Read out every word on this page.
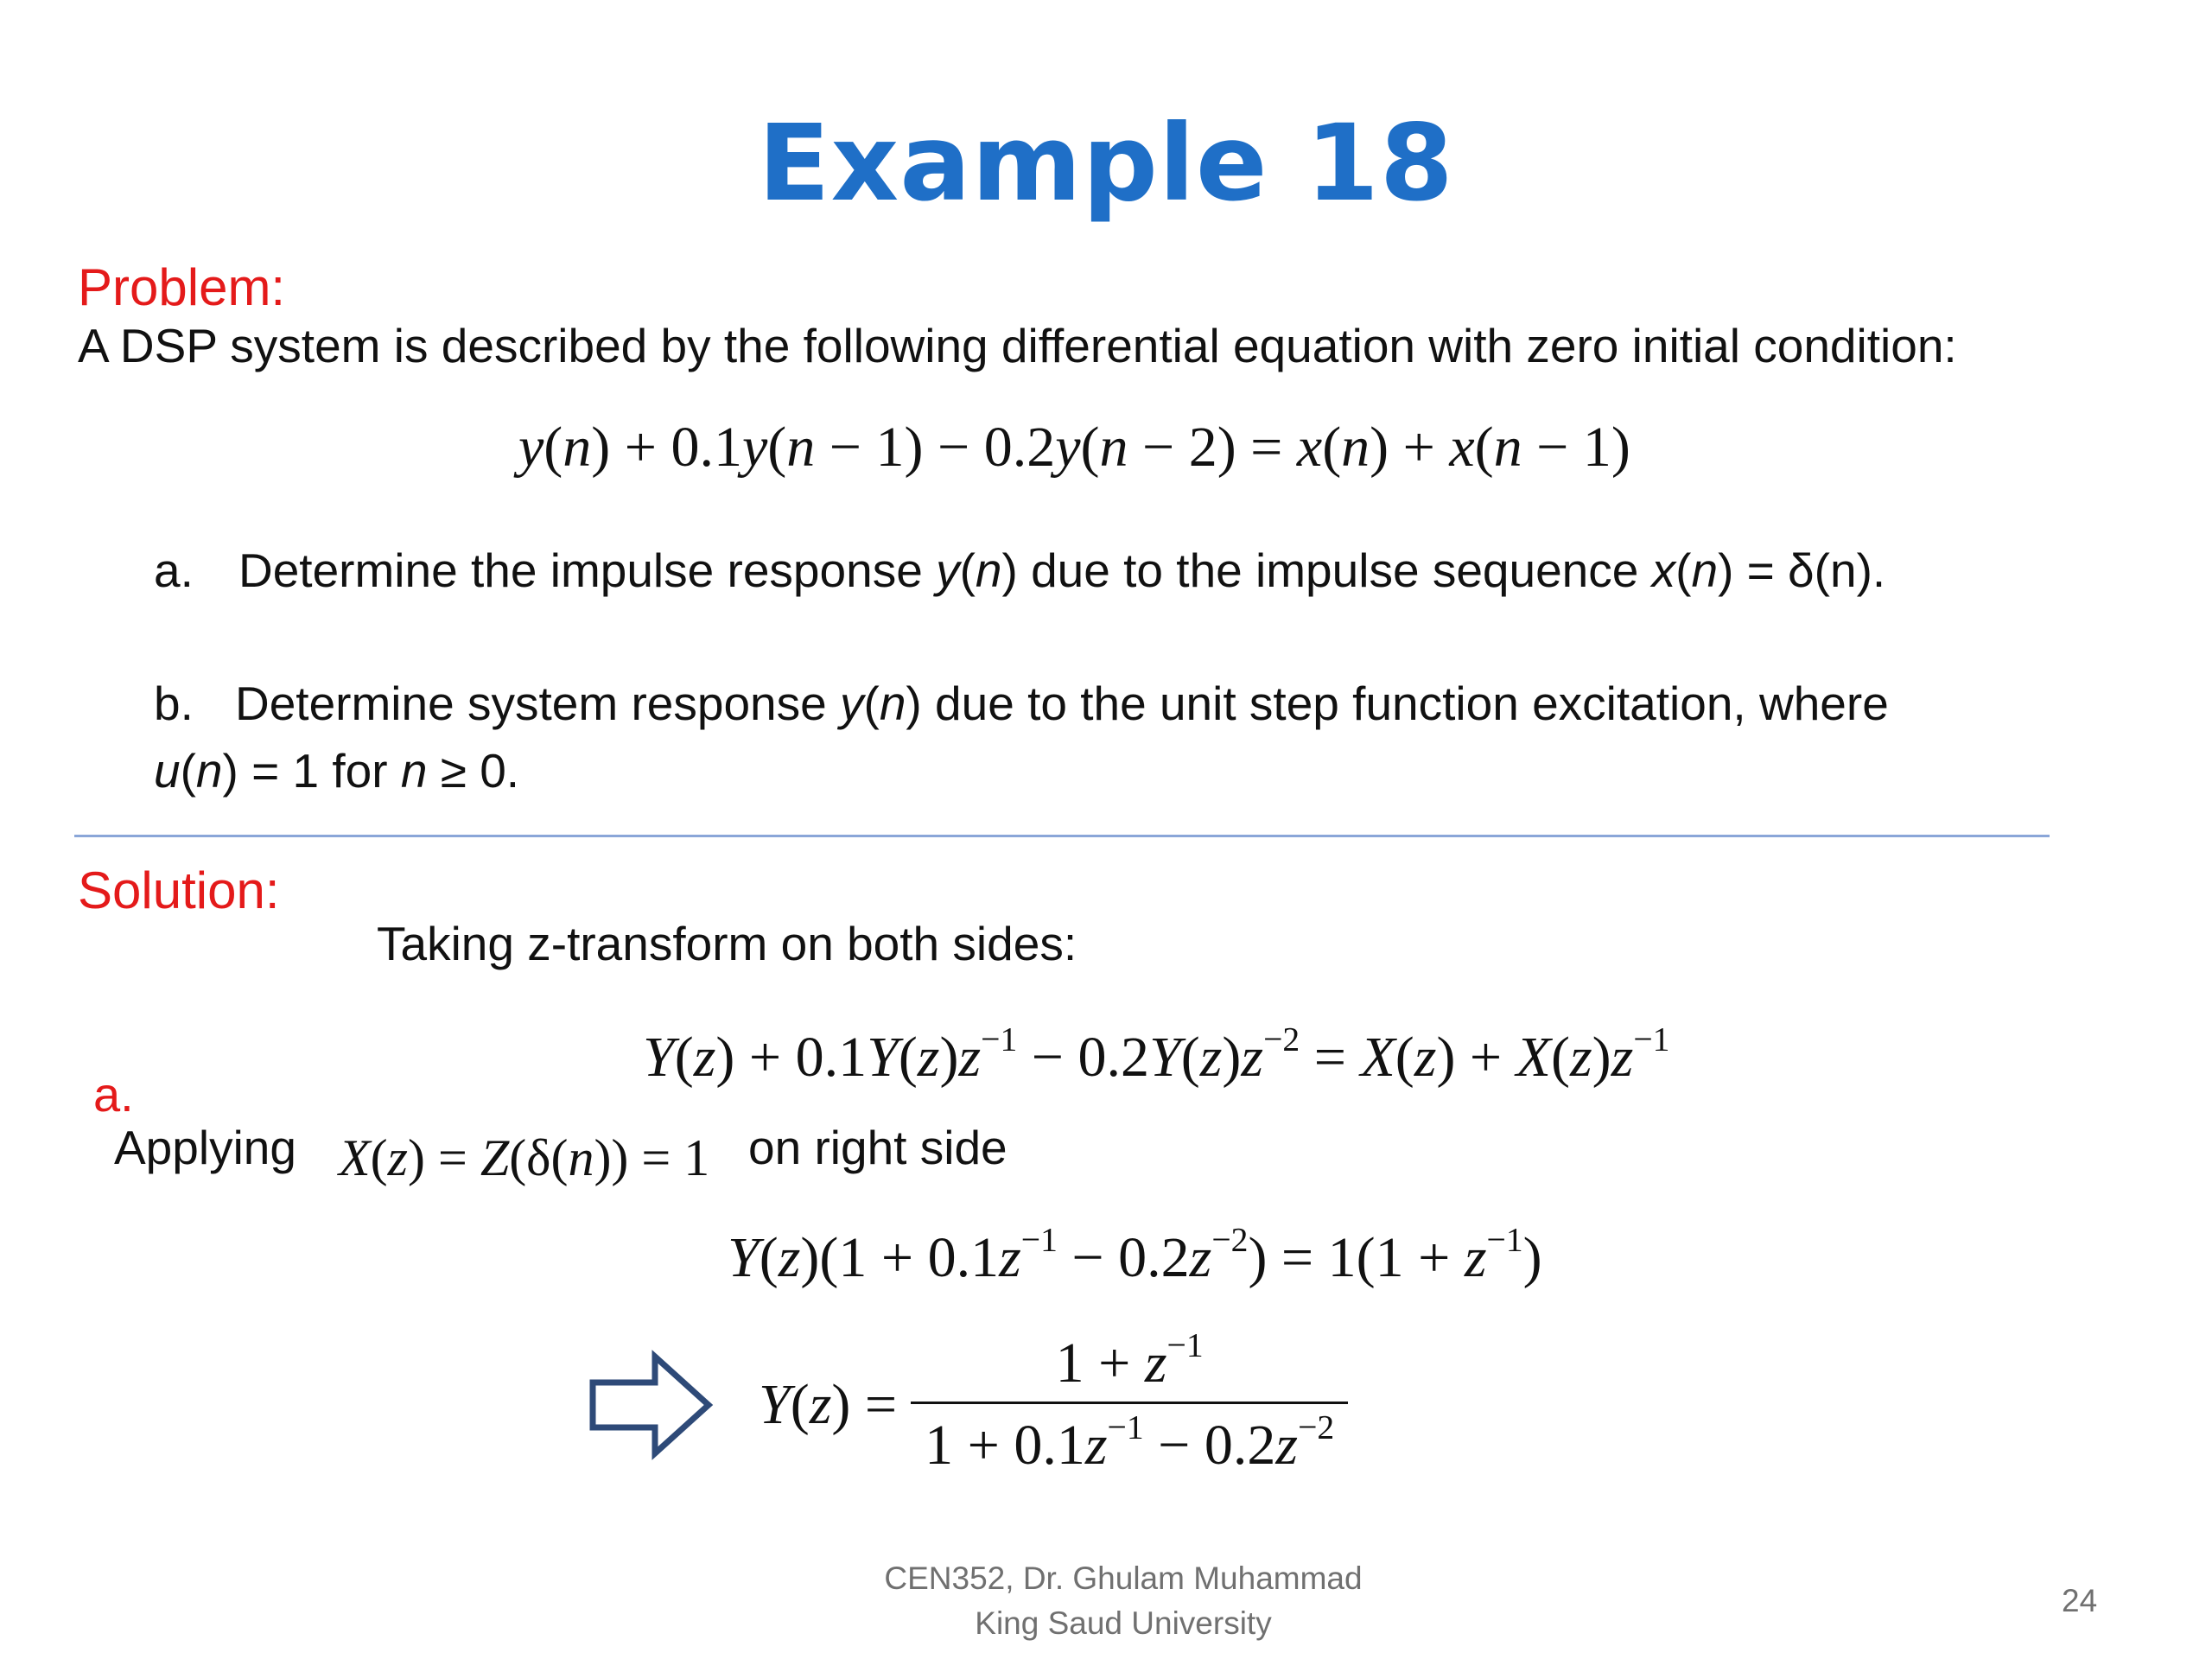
Example 18
Problem:
A DSP system is described by the following differential equation with zero initial condition:
y(n) + 0.1y(n − 1) − 0.2y(n − 2) = x(n) + x(n − 1)
a. Determine the impulse response y(n) due to the impulse sequence x(n) = δ(n).
b. Determine system response y(n) due to the unit step function excitation, where
u(n) = 1 for n ≥ 0.
Solution:
Taking z-transform on both sides:
$Y(z) + 0.1Y(z)z^{-1} - 0.2Y(z)z^{-2} = X(z) + X(z)z^{-1}$
a.
Applying X(z) = Z(δ(n)) = 1 on right side
$Y(z)(1 + 0.1z^{-1} - 0.2z^{-2}) = 1(1 + z^{-1})$
$Y(z) = \frac{1 + z^{-1}}{1 + 0.1z^{-1} - 0.2z^{-2}}$
CEN352, Dr. Ghulam Muhammad
King Saud University
24
